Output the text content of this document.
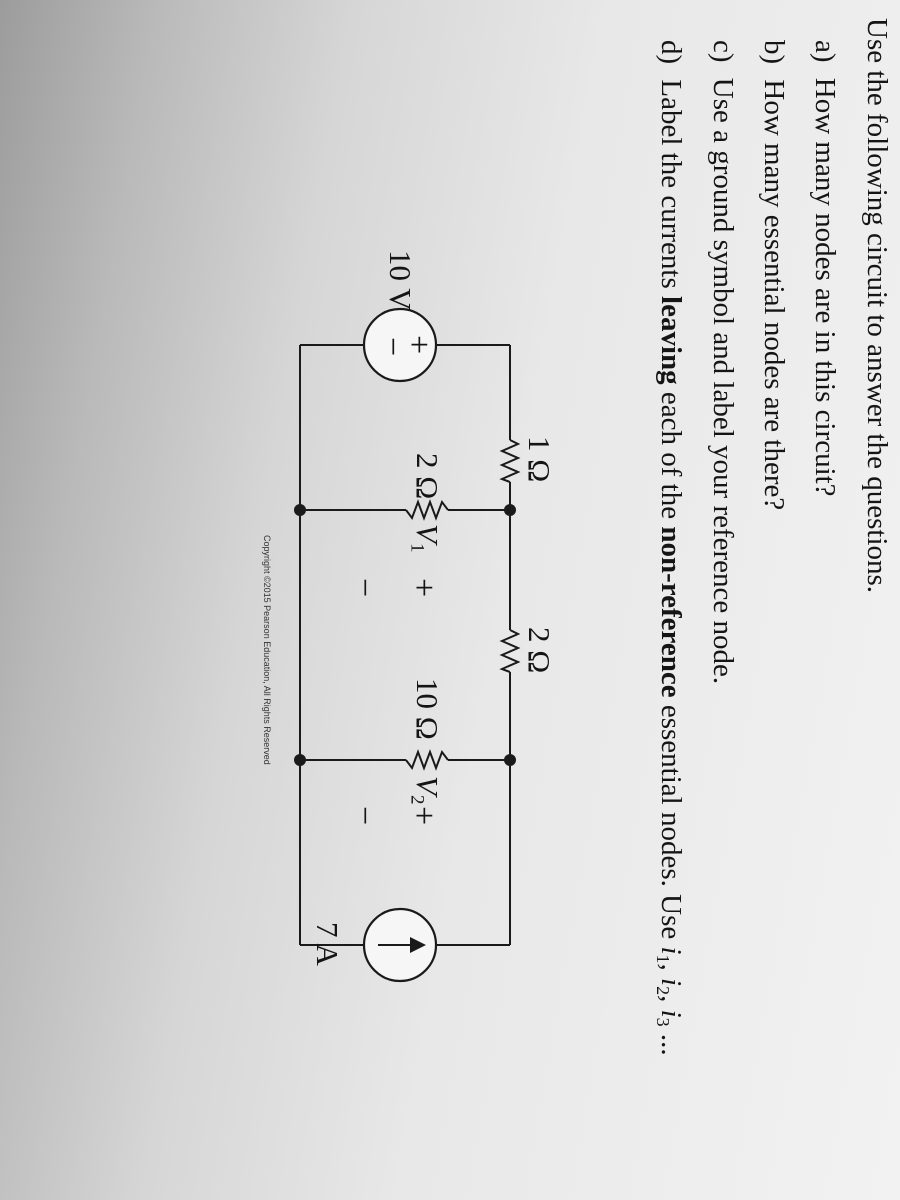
Use the following circuit to answer the questions.
a) How many nodes are in this circuit?
b) How many essential nodes are there?
c) Use a ground symbol and label your reference node.
d) Label the currents leaving each of the non-reference essential nodes. Use $i_1$, $i_2$, $i_3$ ...
10 V
+
−
1 Ω
2 Ω
2 Ω
10 Ω
$V_1$
+
−
$V_2$
+
−
7 A
Copyright ©2015 Pearson Education, All Rights Reserved
